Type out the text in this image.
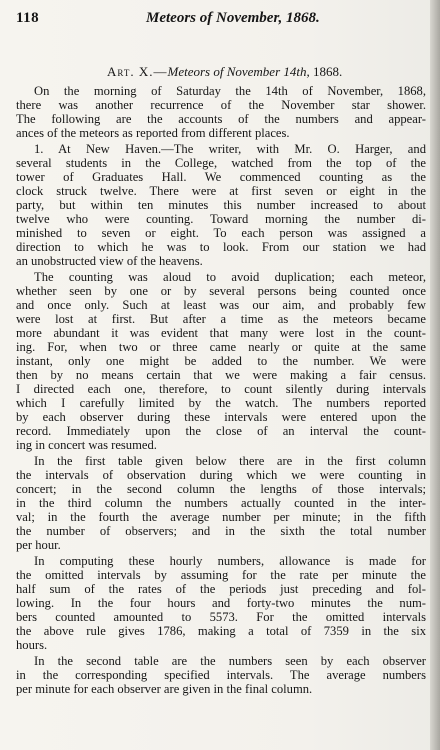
118	Meteors of November, 1868.
Art. X.—Meteors of November 14th, 1868.
On the morning of Saturday the 14th of November, 1868,
there was another recurrence of the November star shower.
The following are the accounts of the numbers and appear-
ances of the meteors as reported from different places.
1. At New Haven.—The writer, with Mr. O. Harger, and
several students in the College, watched from the top of the
tower of Graduates Hall. We commenced counting as the
clock struck twelve. There were at first seven or eight in the
party, but within ten minutes this number increased to about
twelve who were counting. Toward morning the number di-
minished to seven or eight. To each person was assigned a
direction to which he was to look. From our station we had
an unobstructed view of the heavens.
The counting was aloud to avoid duplication; each meteor,
whether seen by one or by several persons being counted once
and once only. Such at least was our aim, and probably few
were lost at first. But after a time as the meteors became
more abundant it was evident that many were lost in the count-
ing. For, when two or three came nearly or quite at the same
instant, only one might be added to the number. We were
then by no means certain that we were making a fair census.
I directed each one, therefore, to count silently during intervals
which I carefully limited by the watch. The numbers reported
by each observer during these intervals were entered upon the
record. Immediately upon the close of an interval the count-
ing in concert was resumed.
In the first table given below there are in the first column
the intervals of observation during which we were counting in
concert; in the second column the lengths of those intervals;
in the third column the numbers actually counted in the inter-
val; in the fourth the average number per minute; in the fifth
the number of observers; and in the sixth the total number
per hour.
In computing these hourly numbers, allowance is made for
the omitted intervals by assuming for the rate per minute the
half sum of the rates of the periods just preceding and fol-
lowing. In the four hours and forty-two minutes the num-
bers counted amounted to 5573. For the omitted intervals
the above rule gives 1786, making a total of 7359 in the six
hours.
In the second table are the numbers seen by each observer
in the corresponding specified intervals. The average numbers
per minute for each observer are given in the final column.
